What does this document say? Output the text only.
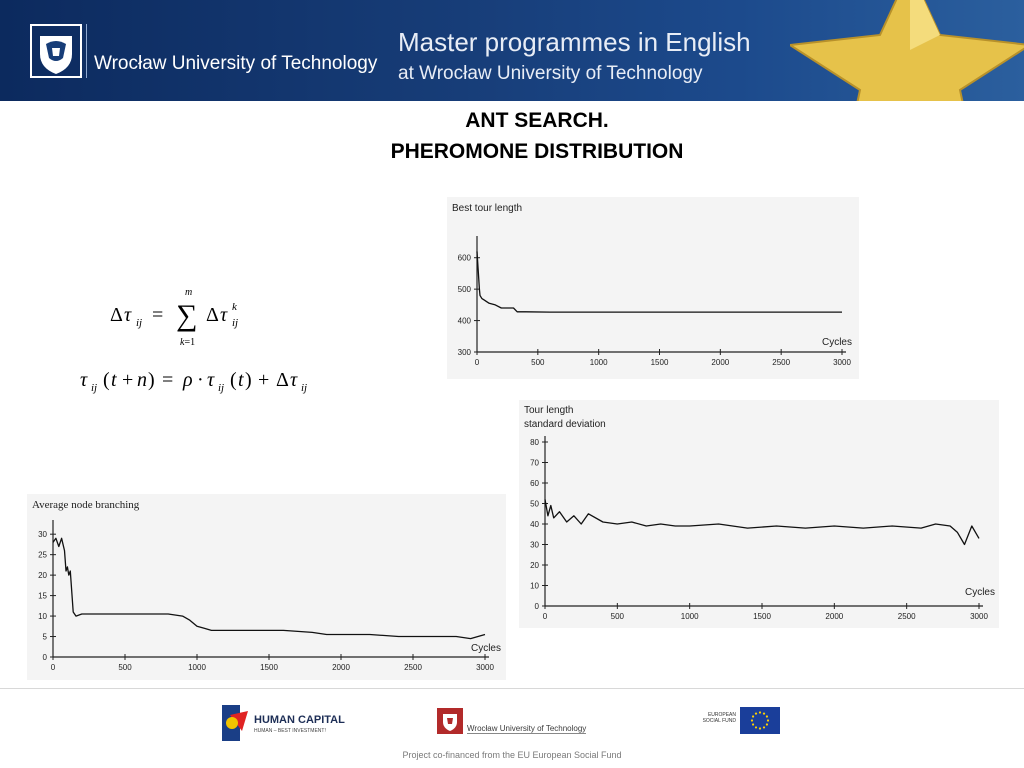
Wrocław University of Technology
Master programmes in English
at Wrocław University of Technology
ANT SEARCH.
PHEROMONE DISTRIBUTION
Δ τ ij = ∑
m
k=1
Δ τ k
ij
τ ij ( t + n ) = ρ · τ ij ( t ) + Δ τ ij
Best tour length
0	500	1000	1500	2000	2500	3000
300
400
500
600
Cycles
Tour length
standard deviation
0	500	1000	1500	2000	2500	3000
0
10
20
30
40
50
60
70
80
Cycles
Average node branching
0	500	1000	1500	2000	2500	3000
0
5
10
15
20
25
30
Cycles
HUMAN CAPITAL
HUMAN – BEST INVESTMENT!	Wrocław University of Technology
EUROPEAN SOCIAL FUND
Project co-financed from the EU European Social Fund
